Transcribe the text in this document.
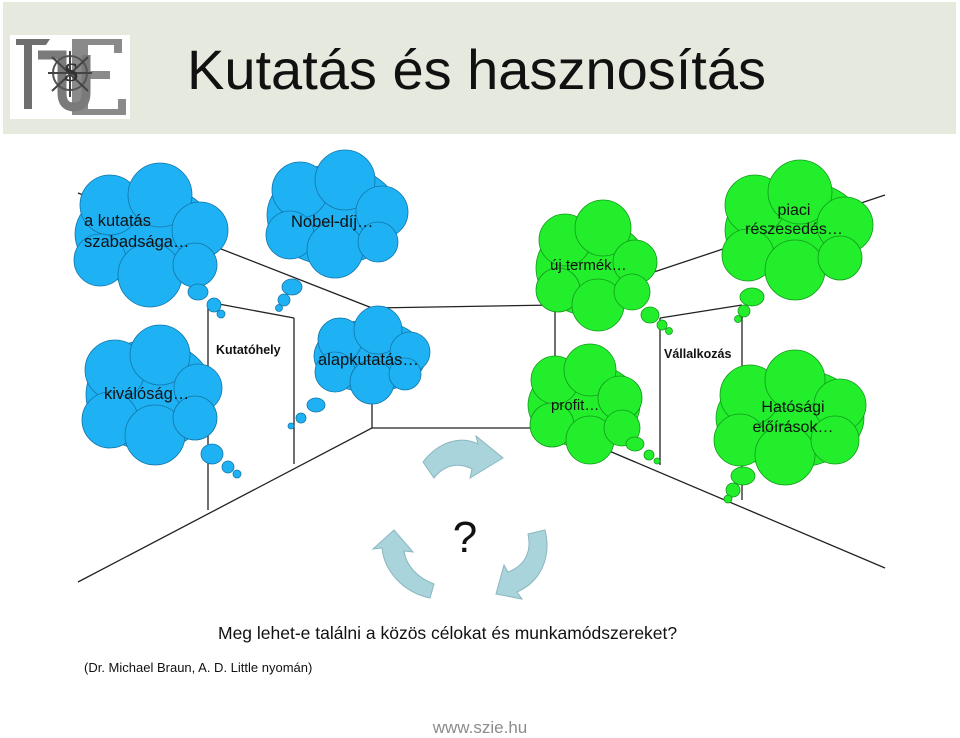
S Kutatás és hasznosítás
Kutatóhely	Vállalkozás
a kutatás
szabadsága…
Nobel-díj…
kiválóság…
alapkutatás…
új termék…
piaci
részesedés…
profit…	Hatósági
előírások…
?
Meg lehet-e találni a közös célokat és munkamódszereket?
(Dr. Michael Braun, A. D. Little nyomán)
www.szie.hu
